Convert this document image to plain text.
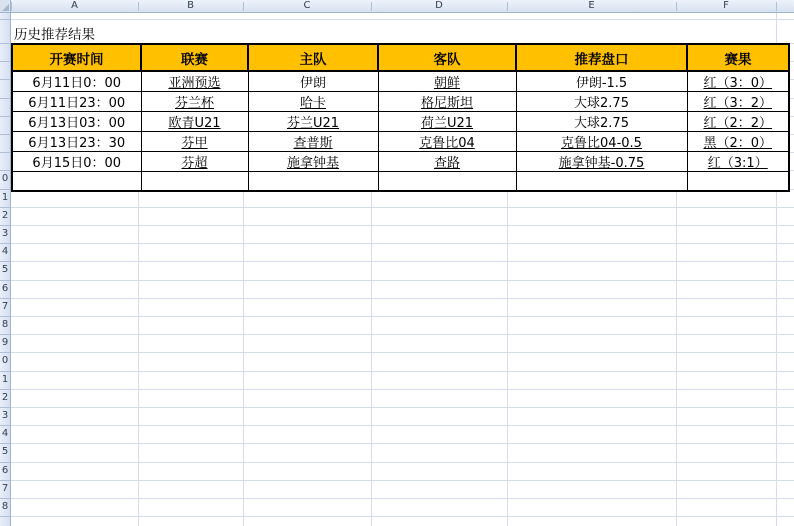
A	B	C	D	E	F
0
1
2
3
4
5
6
7
8
9
0
1
2
3
4
5
6
7
8
历史推荐结果
开赛时间	联赛	主队	客队	推荐盘口	赛果
6月11日0：00	亚洲预选	伊朗	朝鲜	伊朗-1.5	红（3：0）
6月11日23：00	芬兰杯	哈卡	格尼斯坦	大球2.75	红（3：2）
6月13日03：00	欧青U21	芬兰U21	荷兰U21	大球2.75	红（2：2）
6月13日23：30	芬甲	查普斯	克鲁比04	克鲁比04-0.5	黑（2：0）
6月15日0：00	芬超	施拿钟基	查路	施拿钟基-0.75	红（3:1）
